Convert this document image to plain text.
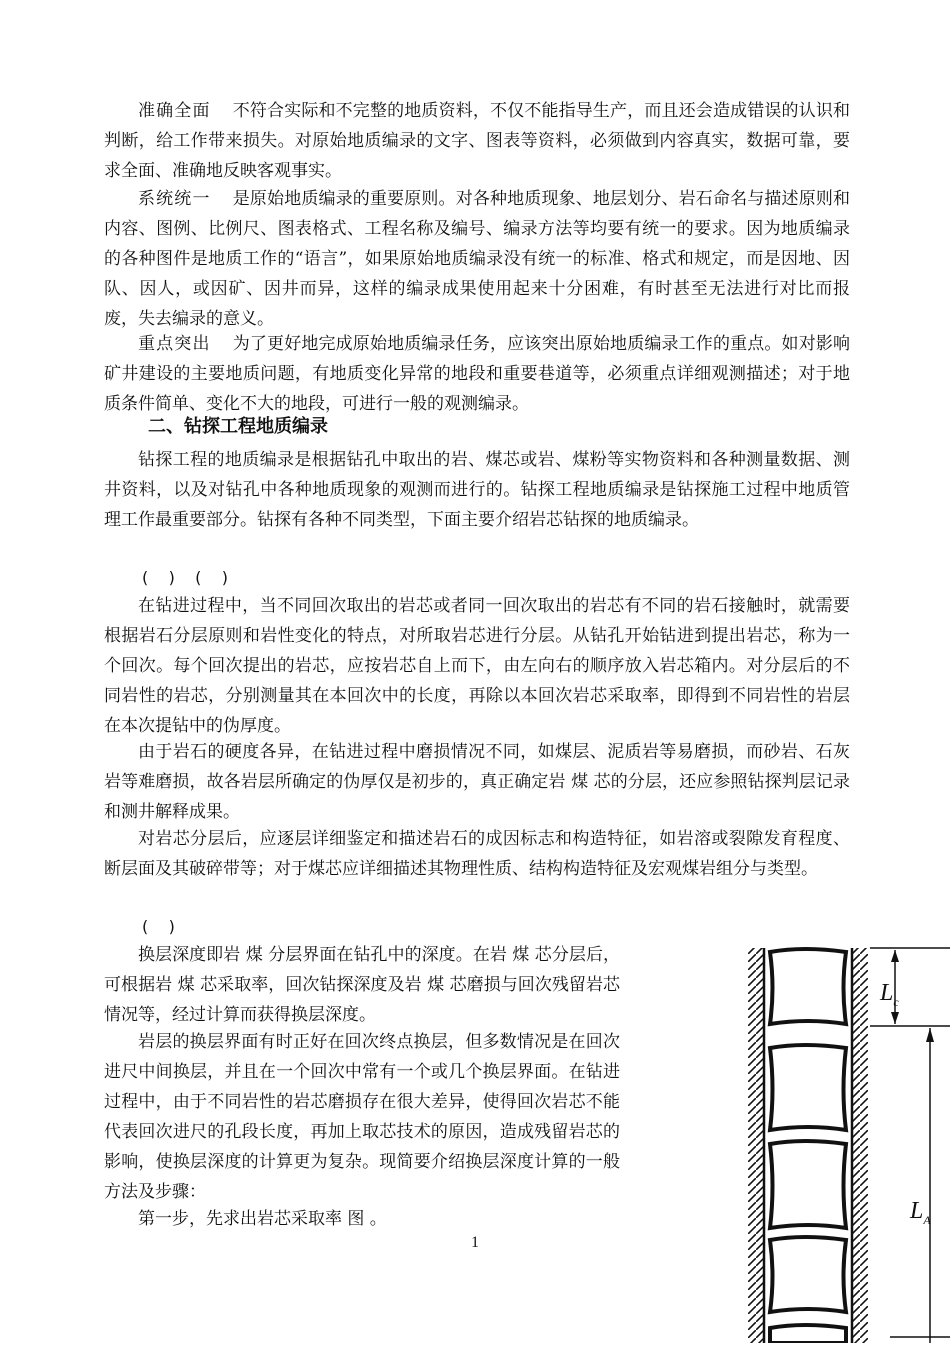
准确全面 不符合实际和不完整的地质资料，不仅不能指导生产，而且还会造成错误的认识和判断，给工作带来损失。对原始地质编录的文字、图表等资料，必须做到内容真实，数据可靠，要求全面、准确地反映客观事实。

系统统一 是原始地质编录的重要原则。对各种地质现象、地层划分、岩石命名与描述原则和内容、图例、比例尺、图表格式、工程名称及编号、编录方法等均要有统一的要求。因为地质编录的各种图件是地质工作的“语言”，如果原始地质编录没有统一的标准、格式和规定，而是因地、因队、因人，或因矿、因井而异，这样的编录成果使用起来十分困难，有时甚至无法进行对比而报废，失去编录的意义。

重点突出 为了更好地完成原始地质编录任务，应该突出原始地质编录工作的重点。如对影响矿井建设的主要地质问题，有地质变化异常的地段和重要巷道等，必须重点详细观测描述；对于地质条件简单、变化不大的地段，可进行一般的观测编录。

二、钻探工程地质编录

钻探工程的地质编录是根据钻孔中取出的岩、煤芯或岩、煤粉等实物资料和各种测量数据、测井资料，以及对钻孔中各种地质现象的观测而进行的。钻探工程地质编录是钻探施工过程中地质管理工作最重要部分。钻探有各种不同类型，下面主要介绍岩芯钻探的地质编录。

(    )    (    )

在钻进过程中，当不同回次取出的岩芯或者同一回次取出的岩芯有不同的岩石接触时，就需要根据岩石分层原则和岩性变化的特点，对所取岩芯进行分层。从钻孔开始钻进到提出岩芯，称为一个回次。每个回次提出的岩芯，应按岩芯自上而下，由左向右的顺序放入岩芯箱内。对分层后的不同岩性的岩芯，分别测量其在本回次中的长度，再除以本回次岩芯采取率，即得到不同岩性的岩层在本次提钻中的伪厚度。

由于岩石的硬度各异，在钻进过程中磨损情况不同，如煤层、泥质岩等易磨损，而砂岩、石灰岩等难磨损，故各岩层所确定的伪厚仅是初步的，真正确定岩 煤 芯的分层，还应参照钻探判层记录和测井解释成果。

对岩芯分层后，应逐层详细鉴定和描述岩石的成因标志和构造特征，如岩溶或裂隙发育程度、断层面及其破碎带等；对于煤芯应详细描述其物理性质、结构构造特征及宏观煤岩组分与类型。

(    )

换层深度即岩 煤 分层界面在钻孔中的深度。在岩 煤 芯分层后，可根据岩 煤 芯采取率，回次钻探深度及岩 煤 芯磨损与回次残留岩芯情况等，经过计算而获得换层深度。

岩层的换层界面有时正好在回次终点换层，但多数情况是在回次进尺中间换层，并且在一个回次中常有一个或几个换层界面。在钻进过程中，由于不同岩性的岩芯磨损存在很大差异，使得回次岩芯不能代表回次进尺的孔段长度，再加上取芯技术的原因，造成残留岩芯的影响，使换层深度的计算更为复杂。现简要介绍换层深度计算的一般方法及步骤：

第一步，先求出岩芯采取率 图 。

1
$L_c$
$L_A$
